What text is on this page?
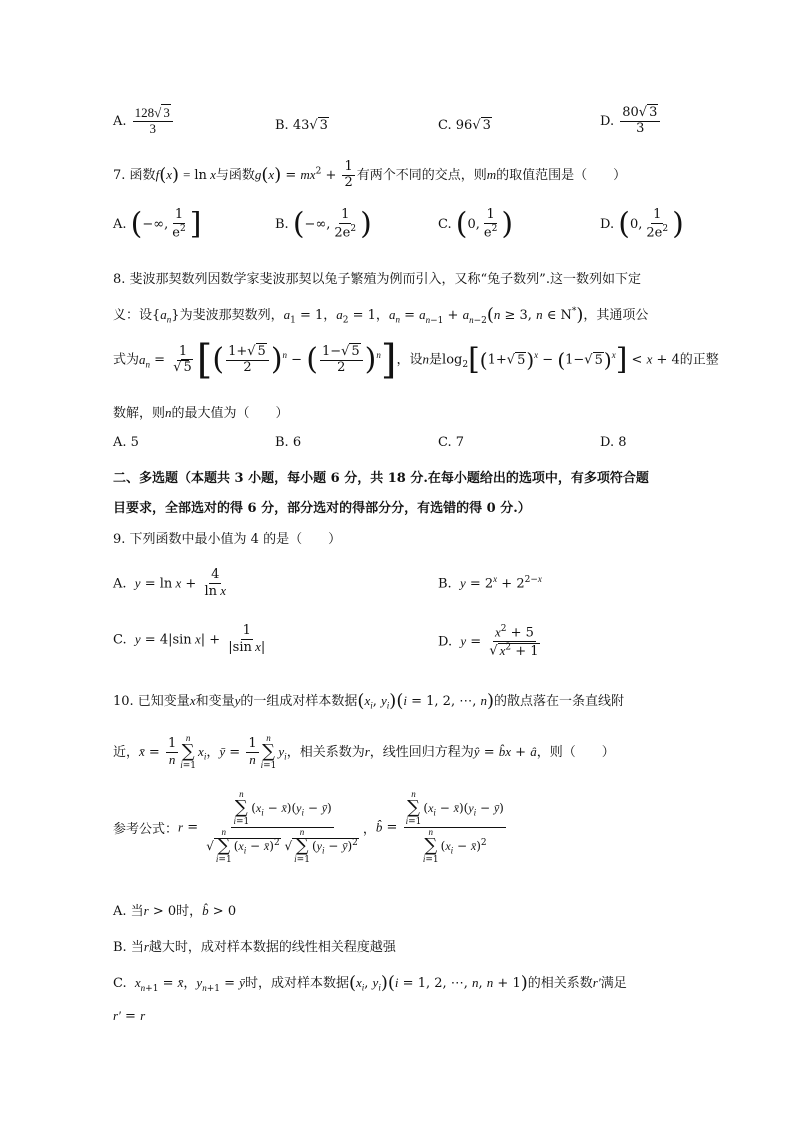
A. $\frac{128√ 3}{3}$	B. 43√ 3	C. 96√ 3	D. $\frac{80√ 3}{3}$
7. 函数f(x) = ln x与函数$g(x) = mx^2 + \frac{1}{2}$ 有两个不同的交点，则m的取值范围是（　　）
A. (−∞, $\frac{1}{e^2}$ ]	B. (−∞, $\frac{1}{2e^2}$ )	C. (0, $\frac{1}{e^2}$ )	D. (0, $\frac{1}{2e^2}$ )
8. 斐波那契数列因数学家斐波那契以兔子繁殖为例而引入，又称“兔子数列”.这一数列如下定
义：设$\{a_n\}$为斐波那契数列，$a_1 = 1$，$a_2 = 1$，$a_n = a_{n-1} + a_{n-2}(n \ge 3$, n ∈ N*)，其通项公
式为$a_n = \frac{1}{√ 5}$ [( $\frac{1+√ 5}{2} )^n$ − ( $\frac{1-√ 5}{2} )^n$]，设n是$\log_2[(1+√$ 5)$^x$ − (1−√ 5)$^x$] < x + 4的正整
数解，则n的最大值为（　　）
A. 5	B. 6	C. 7	D. 8
二、多选题（本题共 3 小题，每小题 6 分，共 18 分.在每小题给出的选项中，有多项符合题
目要求，全部选对的得 6 分，部分选对的得部分分，有选错的得 0 分.）
9. 下列函数中最小值为 4 的是（　　）
A. $y = \ln x + \frac{4}{\text{ln x}}$	B. $y = 2^x + 2^{2-x}$
C. y = 4|sin $x| + \frac{1}{\text{|sin x|}}$	D. $y = \frac{x^2 + 5}{√ x^2 + 1}$
10. 已知变量x和变量y的一组成对样本数据($x_i$, $y_i)(i = 1$, 2, ⋯, n)的散点落在一条直线附
近，x̄ = $\frac{1}{n}$ n
∑
i=1
$x_i$，ȳ = $\frac{1}{n}$ n
∑
i=1
$y_i$，相关系数为r，线性回归方程为ŷ = b̂x + â，则（　　）
参考公式：r = n
∑
i=1
($x_i$ − $x̄)(y_i$ − ȳ)
√
n
∑
i=1
($x_i$ − x̄)$^2$ √
n
∑
i=1
($y_i$ − ȳ)$^2$ ，b̂ = n
∑
i=1
($x_i$ − $x̄)(y_i$ − ȳ)
n
∑
i=1
($x_i$ − x̄)$^2$
A. 当r > 0时，b̂ > 0
B. 当r越大时，成对样本数据的线性相关程度越强
C. $x_{n+1}$ = x̄，$y_{n+1}$ = ȳ时，成对样本数据($x_i$, $y_i)(i = 1$, 2, ⋯, n, n + 1)的相关系数r′满足
r′ = r
